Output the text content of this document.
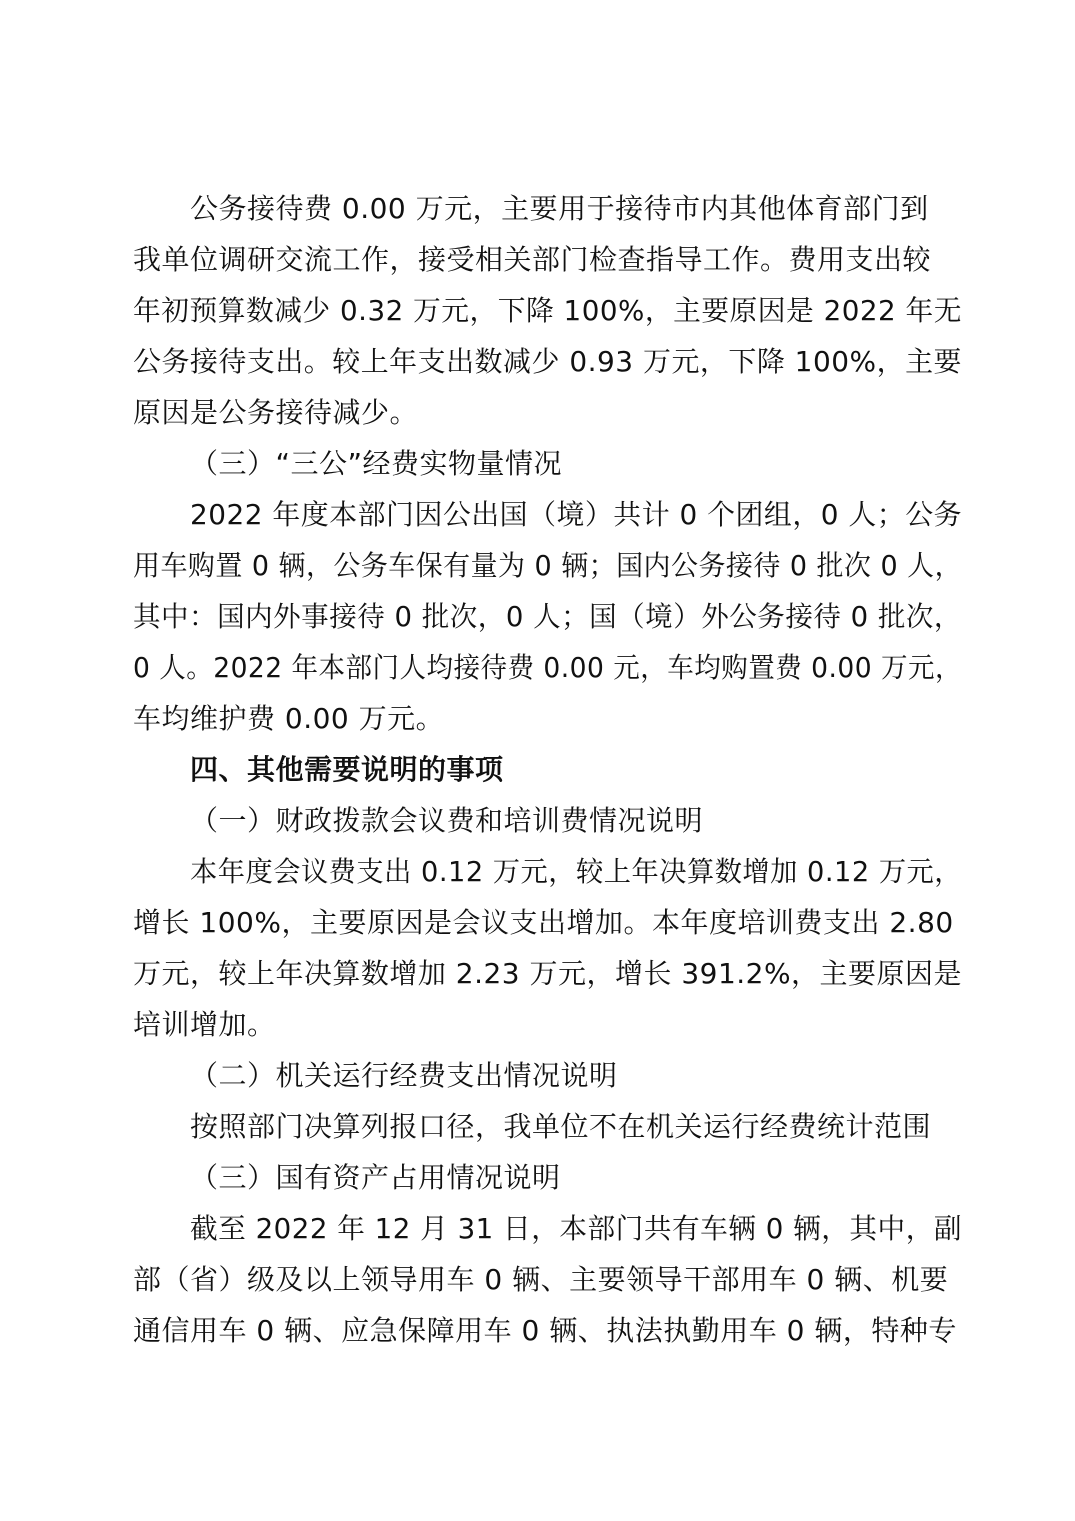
公务接待费 0.00 万元，主要用于接待市内其他体育部门到
我单位调研交流工作，接受相关部门检查指导工作。费用支出较
年初预算数减少 0.32 万元，下降 100%，主要原因是 2022 年无
公务接待支出。较上年支出数减少 0.93 万元，下降 100%，主要
原因是公务接待减少。
（三）“三公”经费实物量情况
2022 年度本部门因公出国（境）共计 0 个团组，0 人；公务
用车购置 0 辆，公务车保有量为 0 辆；国内公务接待 0 批次 0 人，
其中：国内外事接待 0 批次，0 人；国（境）外公务接待 0 批次，
0 人。2022 年本部门人均接待费 0.00 元，车均购置费 0.00 万元，
车均维护费 0.00 万元。
四、其他需要说明的事项
（一）财政拨款会议费和培训费情况说明
本年度会议费支出 0.12 万元，较上年决算数增加 0.12 万元，
增长 100%，主要原因是会议支出增加。本年度培训费支出 2.80
万元，较上年决算数增加 2.23 万元，增长 391.2%，主要原因是
培训增加。
（二）机关运行经费支出情况说明
按照部门决算列报口径，我单位不在机关运行经费统计范围
（三）国有资产占用情况说明
截至 2022 年 12 月 31 日，本部门共有车辆 0 辆，其中，副
部（省）级及以上领导用车 0 辆、主要领导干部用车 0 辆、机要
通信用车 0 辆、应急保障用车 0 辆、执法执勤用车 0 辆，特种专
